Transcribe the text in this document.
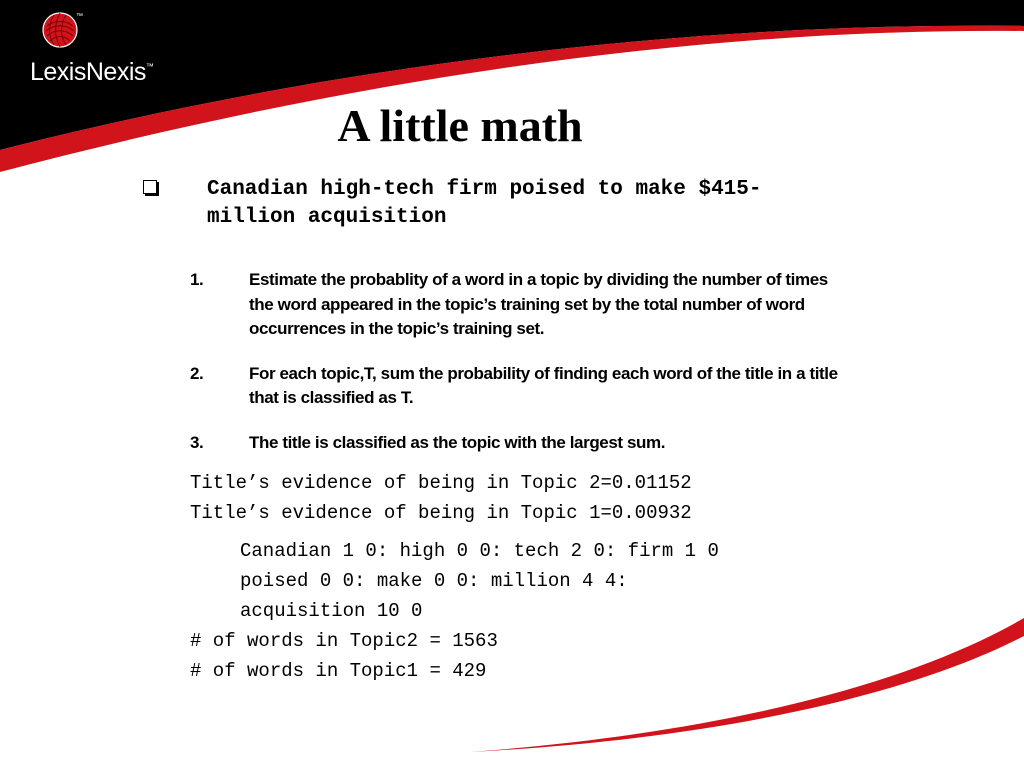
™
LexisNexis™
A little math
Canadian high-tech firm poised to make $415-million acquisition
1.	Estimate the probablity of a word in a topic by dividing the number of times the word appeared in the topic’s training set by the total number of word occurrences in the topic’s training set.
2.	For each topic,T, sum the probability of finding each word of the title in a title that is classified as T.
3.	The title is classified as the topic with the largest sum.
Title’s evidence of being in Topic 2=0.01152
Title’s evidence of being in Topic 1=0.00932
Canadian 1 0: high 0 0: tech 2 0: firm 1 0
poised 0 0: make 0 0: million 4 4:
acquisition 10 0
# of words in Topic2 = 1563
# of words in Topic1 = 429
